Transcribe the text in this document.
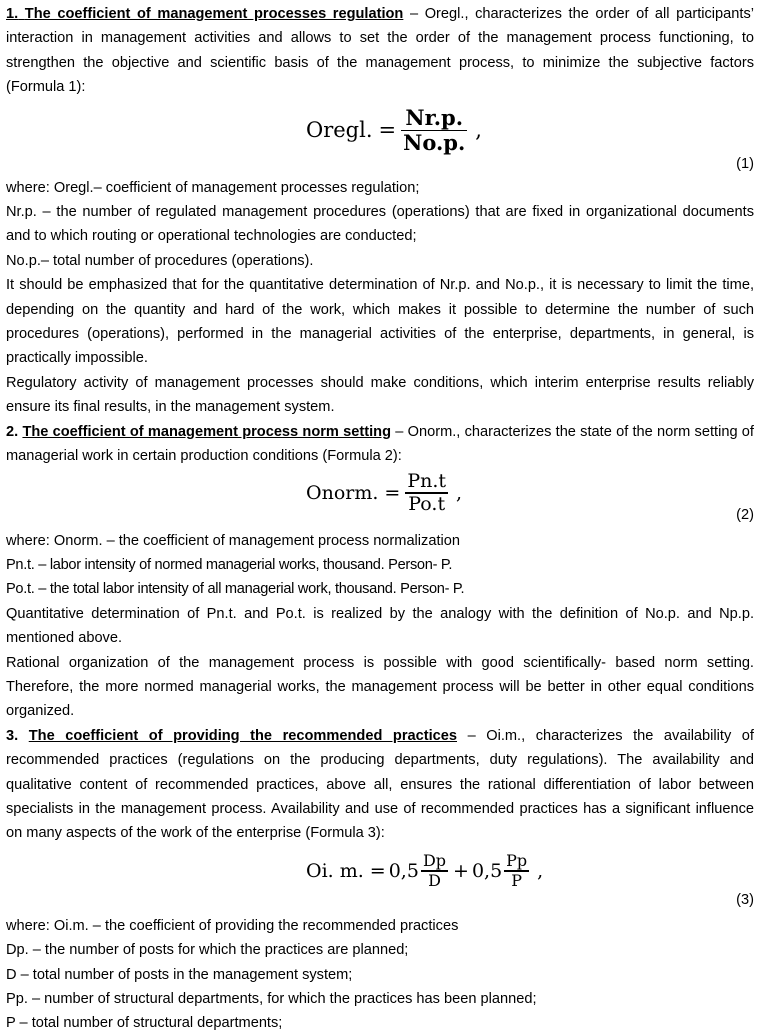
1. The coefficient of management processes regulation – Oregl., characterizes the order of all participants’ interaction in management activities and allows to set the order of the management process functioning, to strengthen the objective and scientific basis of the management process, to minimize the subjective factors (Formula 1):

Oregl. = $\frac{Nr.p.}{No.p.}$ ,
(1)

where: Oregl.– coefficient of management processes regulation;

Nr.p. – the number of regulated management procedures (operations) that are fixed in organizational documents and to which routing or operational technologies are conducted;

No.p.– total number of procedures (operations).

It should be emphasized that for the quantitative determination of Nr.p. and No.p., it is necessary to limit the time, depending on the quantity and hard of the work, which makes it possible to determine the number of such procedures (operations), performed in the managerial activities of the enterprise, departments, in general, is practically impossible.

Regulatory activity of management processes should make conditions, which interim enterprise results reliably ensure its final results, in the management system.

2. The coefficient of management process norm setting – Onorm., characterizes the state of the norm setting of managerial work in certain production conditions (Formula 2):

Onorm. = $\frac{Pn.t}{Po.t}$ ,
(2)

where: Onorm. – the coefficient of management process normalization

Pn.t. – labor intensity of normed managerial works, thousand. Person- P.

Po.t. – the total labor intensity of all managerial work, thousand. Person- P.

Quantitative determination of Pn.t. and Po.t. is realized by the analogy with the definition of No.p. and Np.p. mentioned above.

Rational organization of the management process is possible with good scientifically- based norm setting. Therefore, the more normed managerial works, the management process will be better in other equal conditions organized.

3. The coefficient of providing the recommended practices – Oi.m., characterizes the availability of recommended practices (regulations on the producing departments, duty regulations). The availability and qualitative content of recommended practices, above all, ensures the rational differentiation of labor between specialists in the management process. Availability and use of recommended practices has a significant influence on many aspects of the work of the enterprise (Formula 3):

Oi. m. = $0,5 \frac{Dp}{D} + 0,5 \frac{Pp}{P}$ ,
(3)

where: Oi.m. – the coefficient of providing the recommended practices

Dp. – the number of posts for which the practices are planned;

D – total number of posts in the management system;

Pp. – number of structural departments, for which the practices has been planned;

P – total number of structural departments;
